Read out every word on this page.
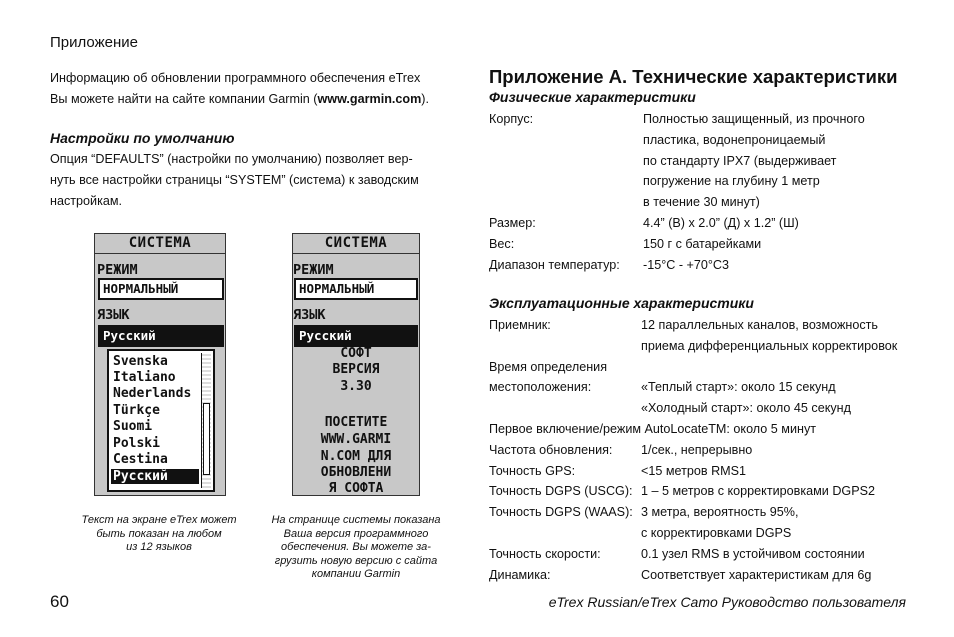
Приложение

Информацию об обновлении программного обеспечения eTrex

Вы можете найти на сайте компании Garmin (www.garmin.com).

Настройки по умолчанию

Опция “DEFAULTS” (настройки по умолчанию) позволяет вер-

нуть все настройки страницы “SYSTEM” (система) к заводским

настройкам.

СИСТЕМА
РЕЖИМ
НОРМАЛЬНЫЙ
ЯЗЫК
Русский
Svenska
Italiano
Nederlands
Türkçe
Suomi
Polski
Cestina
Русский
СИСТЕМА
РЕЖИМ
НОРМАЛЬНЫЙ
ЯЗЫК
Русский
СОФТ
ВЕРСИЯ
3.30
ПОСЕТИТЕ
WWW.GARMI
N.COM ДЛЯ
ОБНОВЛЕНИ
Я СОФТА
Текст на экране eTrex может
быть показан на любом
из 12 языков
На странице системы показана
Ваша версия программного
обеспечения. Вы можете за-
грузить новую версию с сайта
компании Garmin

Приложение А. Технические характеристики

Физические характеристики

Корпус:	Полностью защищенный, из прочного
пластика, водонепроницаемый
по стандарту IPX7 (выдерживает
погружение на глубину 1 метр
в течение 30 минут)
Размер:	4.4” (В) x 2.0” (Д) x 1.2” (Ш)
Вес:	150 г с батарейками
Диапазон температур: -15°С - +70°С3

Эксплуатационные характеристики

Приемник:	12 параллельных каналов, возможность
приема дифференциальных корректировок
Время определения
местоположения:	«Теплый старт»: около 15 секунд
«Холодный старт»: около 45 секунд
Первое включение/режим AutoLocateTM: около 5 минут
Частота обновления: 1/сек., непрерывно
Точность GPS:	<15 метров RMS1
Точность DGPS (USCG): 1 – 5 метров с корректировками DGPS2
Точность DGPS (WAAS): 3 метра, вероятность 95%,
с корректировками DGPS
Точность скорости:	0.1 узел RMS в устойчивом состоянии
Динамика:	Соответствует характеристикам для 6g
60	eTrex Russian/eTrex Camo Руководство пользователя
